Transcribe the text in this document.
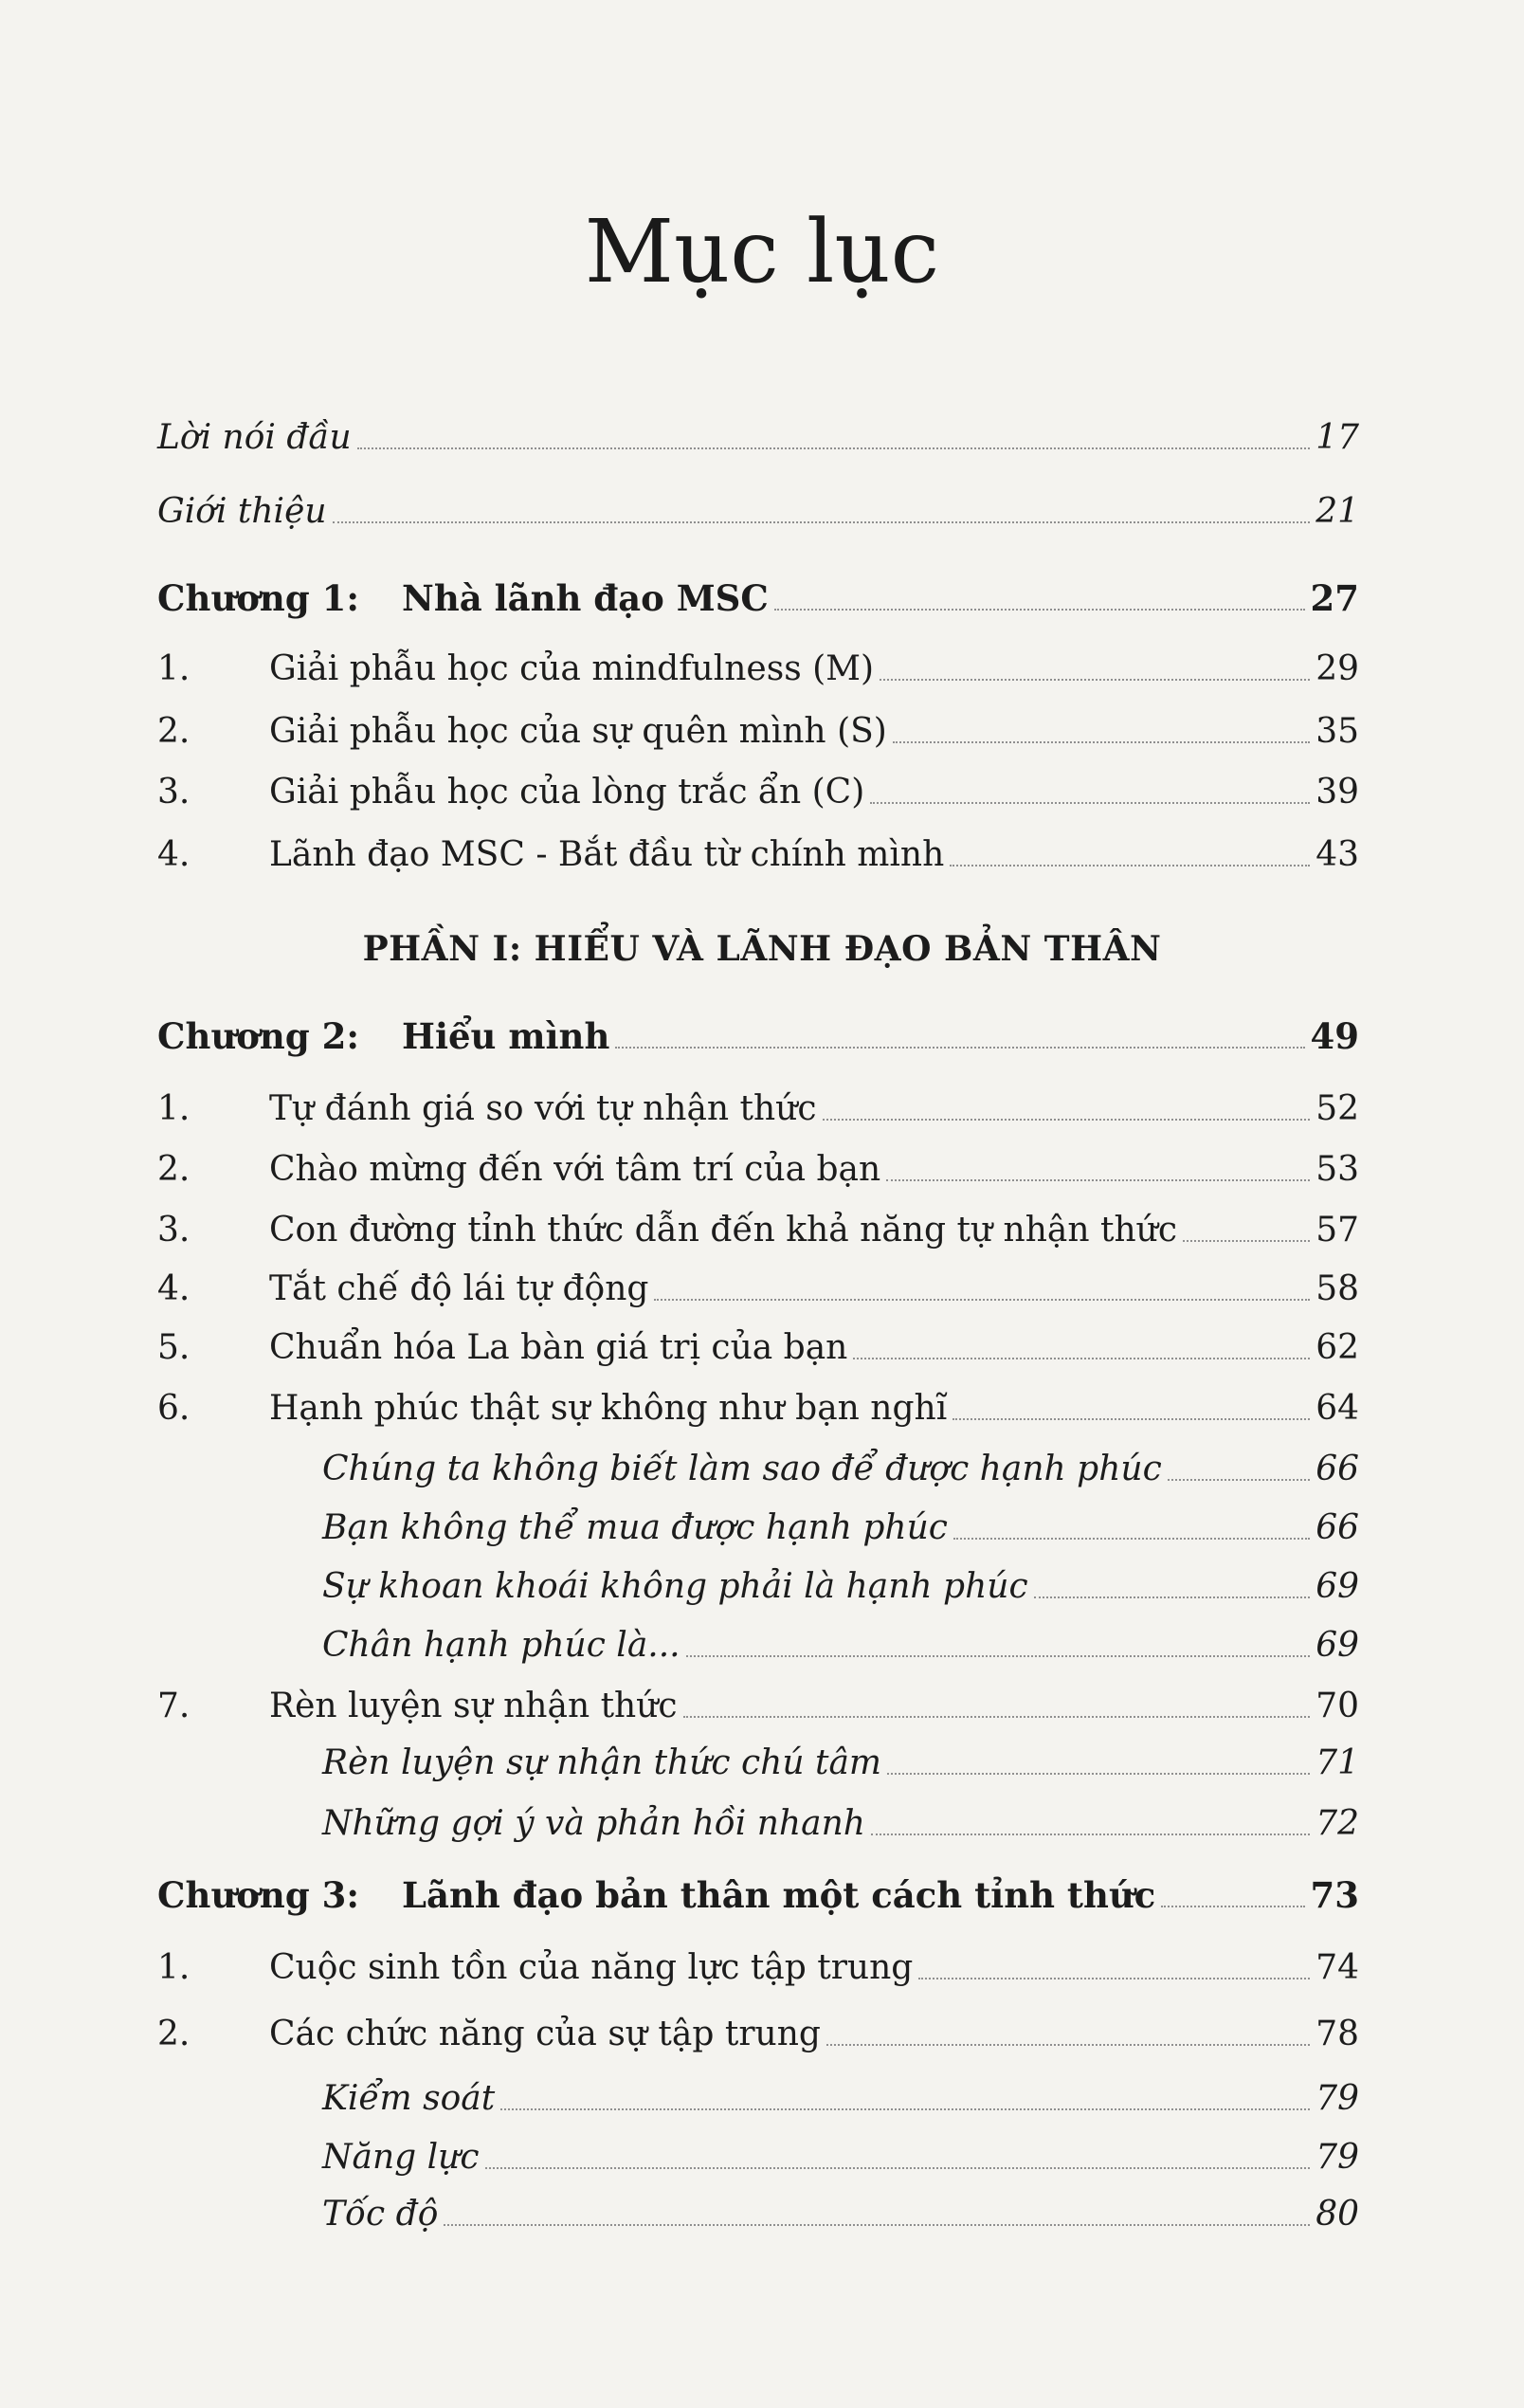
Mục lục
PHẦN I: HIỂU VÀ LÃNH ĐẠO BẢN THÂN
Lời nói đầu	17
Giới thiệu	21
Chương 1: Nhà lãnh đạo MSC	27
1. Giải phẫu học của mindfulness (M)	29
2. Giải phẫu học của sự quên mình (S)	35
3. Giải phẫu học của lòng trắc ẩn (C)	39
4. Lãnh đạo MSC - Bắt đầu từ chính mình	43
Chương 2: Hiểu mình	49
1. Tự đánh giá so với tự nhận thức	52
2. Chào mừng đến với tâm trí của bạn	53
3. Con đường tỉnh thức dẫn đến khả năng tự nhận thức	57
4. Tắt chế độ lái tự động	58
5. Chuẩn hóa La bàn giá trị của bạn	62
6. Hạnh phúc thật sự không như bạn nghĩ	64
Chúng ta không biết làm sao để được hạnh phúc	66
Bạn không thể mua được hạnh phúc	66
Sự khoan khoái không phải là hạnh phúc	69
Chân hạnh phúc là...	69
7. Rèn luyện sự nhận thức	70
Rèn luyện sự nhận thức chú tâm	71
Những gợi ý và phản hồi nhanh	72
Chương 3: Lãnh đạo bản thân một cách tỉnh thức	73
1. Cuộc sinh tồn của năng lực tập trung	74
2. Các chức năng của sự tập trung	78
Kiểm soát	79
Năng lực	79
Tốc độ	80
